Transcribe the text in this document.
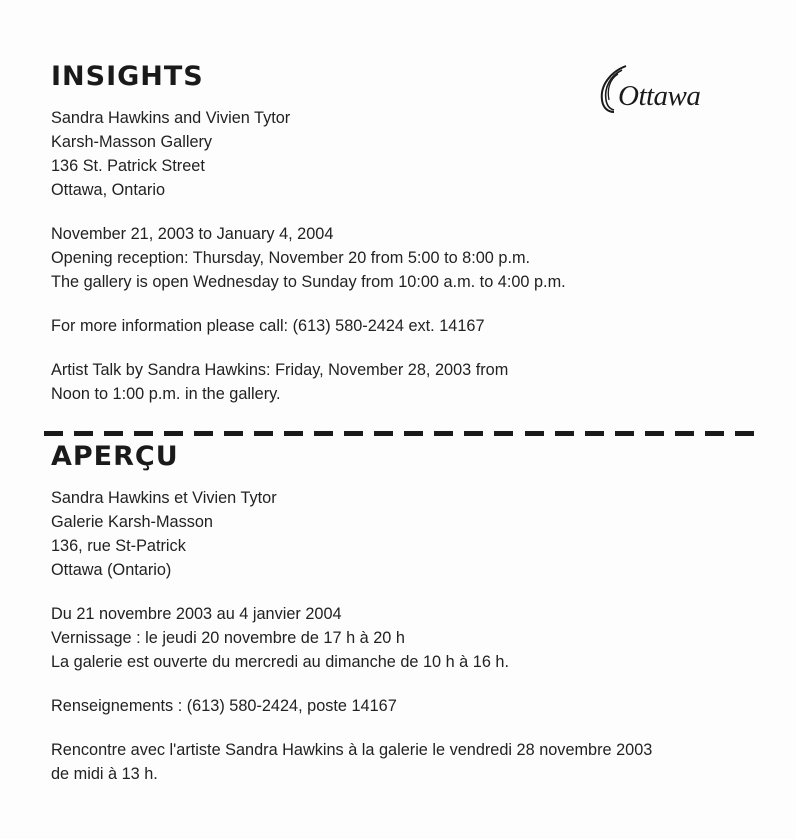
Ottawa
INSIGHTS
Sandra Hawkins and Vivien Tytor
Karsh-Masson Gallery
136 St. Patrick Street
Ottawa, Ontario
November 21, 2003 to January 4, 2004
Opening reception: Thursday, November 20 from 5:00 to 8:00 p.m.
The gallery is open Wednesday to Sunday from 10:00 a.m. to 4:00 p.m.
For more information please call: (613) 580-2424 ext. 14167
Artist Talk by Sandra Hawkins: Friday, November 28, 2003 from
Noon to 1:00 p.m. in the gallery.
APERÇU
Sandra Hawkins et Vivien Tytor
Galerie Karsh-Masson
136, rue St-Patrick
Ottawa (Ontario)
Du 21 novembre 2003 au 4 janvier 2004
Vernissage : le jeudi 20 novembre de 17 h à 20 h
La galerie est ouverte du mercredi au dimanche de 10 h à 16 h.
Renseignements : (613) 580-2424, poste 14167
Rencontre avec l'artiste Sandra Hawkins à la galerie le vendredi 28 novembre 2003
de midi à 13 h.
